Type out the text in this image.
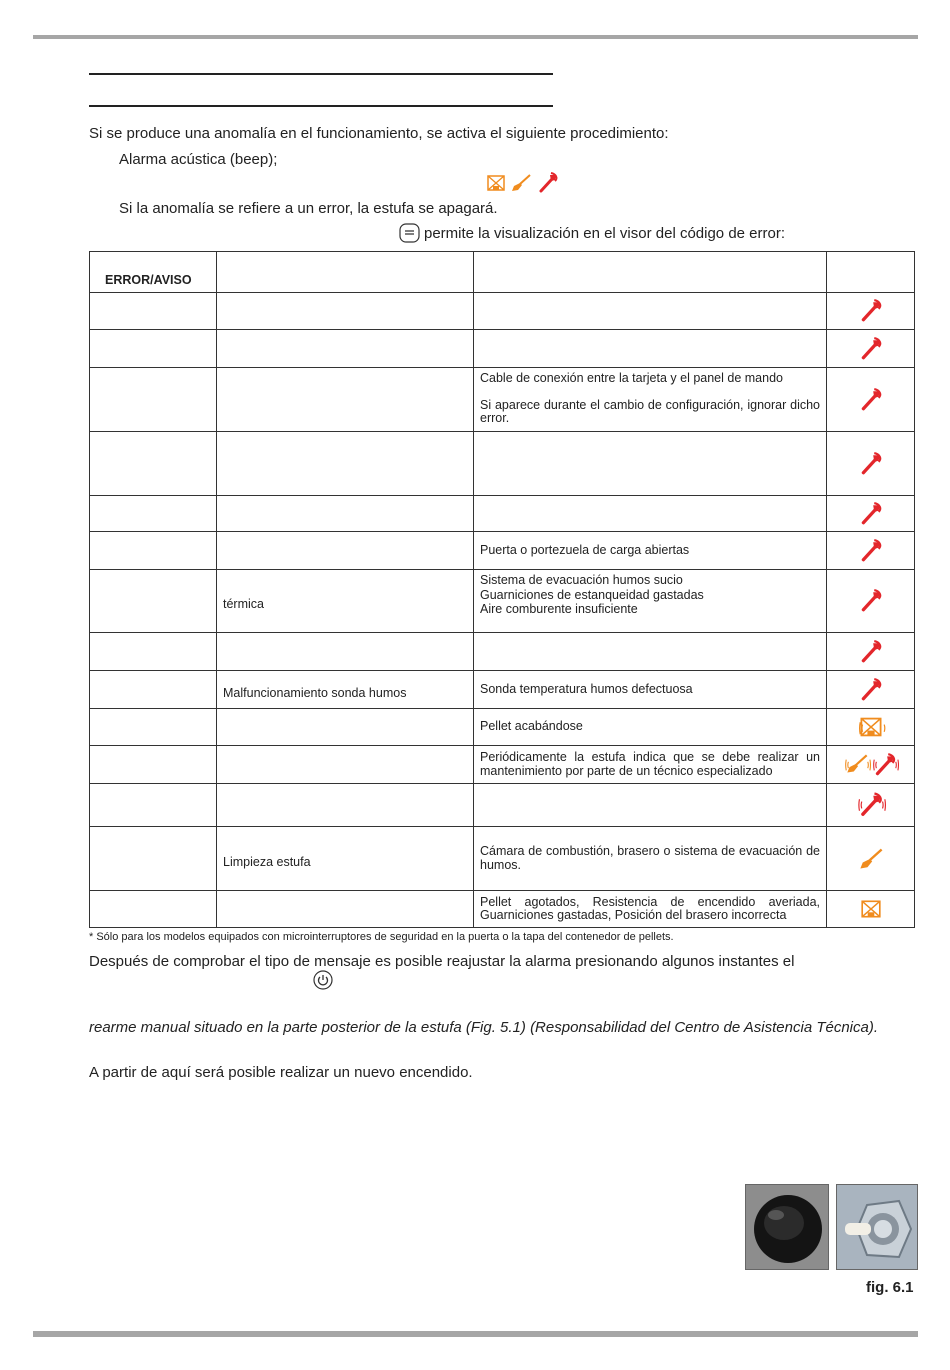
Si se produce una anomalía en el funcionamiento, se activa el siguiente procedimiento:
Alarma acústica (beep);

Si la anomalía se refiere a un error, la estufa se apagará.
permite la visualización en el visor del código de error:
ERROR/AVISO			

		Cable de conexión entre la tarjeta y el panel de mando
Si aparece durante el cambio de configuración, ignorar dicho error.

		Puerta o portezuela de carga abiertas

	térmica	Sistema de evacuación humos sucio
Guarniciones de estanqueidad gastadas
Aire comburente insuficiente

	Malfuncionamiento sonda humos	Sonda temperatura humos defectuosa

		Pellet acabándose

		Periódicamente la estufa indica que se debe realizar un mantenimiento por parte de un técnico especializado

	Limpieza estufa	Cámara de combustión, brasero o sistema de evacuación de humos.

		Pellet agotados, Resistencia de encendido averiada, Guarniciones gastadas, Posición del brasero incorrecta

* Sólo para los modelos equipados con microinterruptores de seguridad en la puerta o la tapa del contenedor de pellets.
Después de comprobar el tipo de mensaje es posible reajustar la alarma presionando algunos instantes el
rearme manual situado en la parte posterior de la estufa (Fig. 5.1) (Responsabilidad del Centro de Asistencia Técnica).
A partir de aquí será posible realizar un nuevo encendido.
fig. 6.1
